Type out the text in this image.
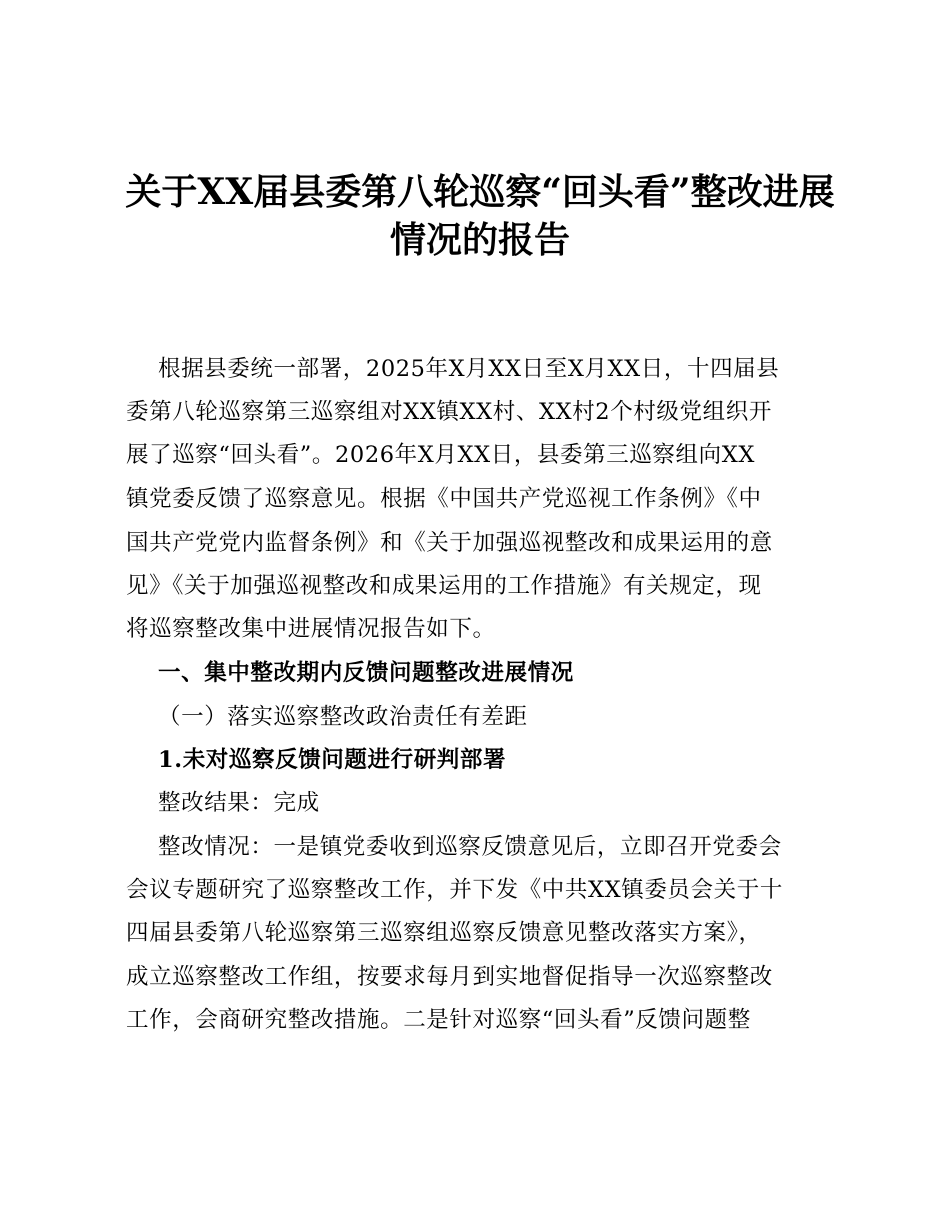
关于XX届县委第八轮巡察“回头看”整改进展
情况的报告
根据县委统一部署，2025年X月XX日至X月XX日，十四届县
委第八轮巡察第三巡察组对XX镇XX村、XX村2个村级党组织开
展了巡察“回头看”。2026年X月XX日，县委第三巡察组向XX
镇党委反馈了巡察意见。根据《中国共产党巡视工作条例》《中
国共产党党内监督条例》和《关于加强巡视整改和成果运用的意
见》《关于加强巡视整改和成果运用的工作措施》有关规定，现
将巡察整改集中进展情况报告如下。
一、集中整改期内反馈问题整改进展情况
（一）落实巡察整改政治责任有差距
1.未对巡察反馈问题进行研判部署
整改结果：完成
整改情况：一是镇党委收到巡察反馈意见后，立即召开党委会
会议专题研究了巡察整改工作，并下发《中共XX镇委员会关于十
四届县委第八轮巡察第三巡察组巡察反馈意见整改落实方案》，
成立巡察整改工作组，按要求每月到实地督促指导一次巡察整改
工作，会商研究整改措施。二是针对巡察“回头看”反馈问题整
